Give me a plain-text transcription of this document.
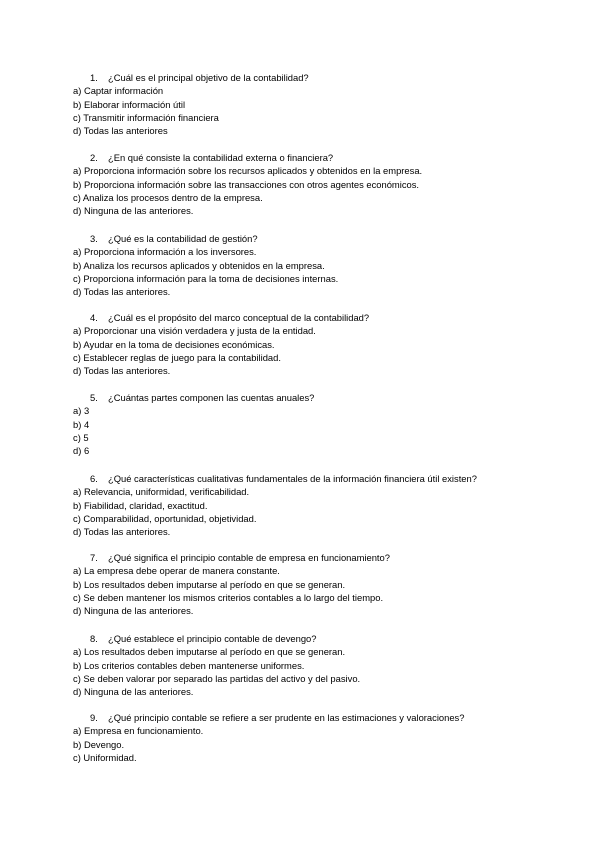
1. ¿Cuál es el principal objetivo de la contabilidad?
a) Captar información
b) Elaborar información útil
c) Transmitir información financiera
d) Todas las anteriores
2. ¿En qué consiste la contabilidad externa o financiera?
a) Proporciona información sobre los recursos aplicados y obtenidos en la empresa.
b) Proporciona información sobre las transacciones con otros agentes económicos.
c) Analiza los procesos dentro de la empresa.
d) Ninguna de las anteriores.
3. ¿Qué es la contabilidad de gestión?
a) Proporciona información a los inversores.
b) Analiza los recursos aplicados y obtenidos en la empresa.
c) Proporciona información para la toma de decisiones internas.
d) Todas las anteriores.
4. ¿Cuál es el propósito del marco conceptual de la contabilidad?
a) Proporcionar una visión verdadera y justa de la entidad.
b) Ayudar en la toma de decisiones económicas.
c) Establecer reglas de juego para la contabilidad.
d) Todas las anteriores.
5. ¿Cuántas partes componen las cuentas anuales?
a) 3
b) 4
c) 5
d) 6
6. ¿Qué características cualitativas fundamentales de la información financiera útil existen?
a) Relevancia, uniformidad, verificabilidad.
b) Fiabilidad, claridad, exactitud.
c) Comparabilidad, oportunidad, objetividad.
d) Todas las anteriores.
7. ¿Qué significa el principio contable de empresa en funcionamiento?
a) La empresa debe operar de manera constante.
b) Los resultados deben imputarse al período en que se generan.
c) Se deben mantener los mismos criterios contables a lo largo del tiempo.
d) Ninguna de las anteriores.
8. ¿Qué establece el principio contable de devengo?
a) Los resultados deben imputarse al período en que se generan.
b) Los criterios contables deben mantenerse uniformes.
c) Se deben valorar por separado las partidas del activo y del pasivo.
d) Ninguna de las anteriores.
9. ¿Qué principio contable se refiere a ser prudente en las estimaciones y valoraciones?
a) Empresa en funcionamiento.
b) Devengo.
c) Uniformidad.
